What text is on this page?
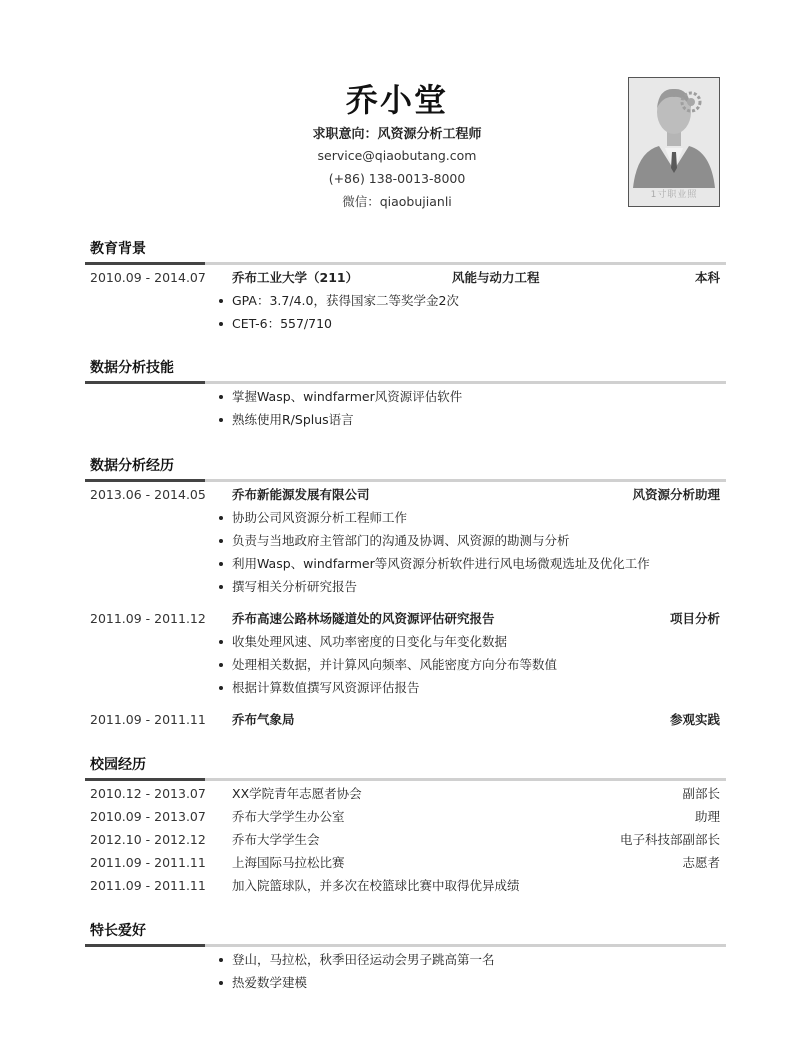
乔小堂
求职意向：风资源分析工程师
service@qiaobutang.com
(+86) 138-0013-8000
微信：qiaobujianli	1寸职业照
教育背景
2010.09 - 2014.07 乔布工业大学（211）	风能与动力工程	本科
GPA：3.7/4.0，获得国家二等奖学金2次
CET-6：557/710
数据分析技能
掌握Wasp、windfarmer风资源评估软件
熟练使用R/Splus语言
数据分析经历
2013.06 - 2014.05 乔布新能源发展有限公司	风资源分析助理
协助公司风资源分析工程师工作
负责与当地政府主管部门的沟通及协调、风资源的勘测与分析
利用Wasp、windfarmer等风资源分析软件进行风电场微观选址及优化工作
撰写相关分析研究报告
2011.09 - 2011.12 乔布高速公路林场隧道处的风资源评估研究报告	项目分析
收集处理风速、风功率密度的日变化与年变化数据
处理相关数据，并计算风向频率、风能密度方向分布等数值
根据计算数值撰写风资源评估报告
2011.09 - 2011.11 乔布气象局	参观实践
校园经历
2010.12 - 2013.07 XX学院青年志愿者协会	副部长
2010.09 - 2013.07 乔布大学学生办公室	助理
2012.10 - 2012.12 乔布大学学生会	电子科技部副部长
2011.09 - 2011.11 上海国际马拉松比赛	志愿者
2011.09 - 2011.11 加入院篮球队，并多次在校篮球比赛中取得优异成绩
特长爱好
登山，马拉松，秋季田径运动会男子跳高第一名
热爱数学建模
